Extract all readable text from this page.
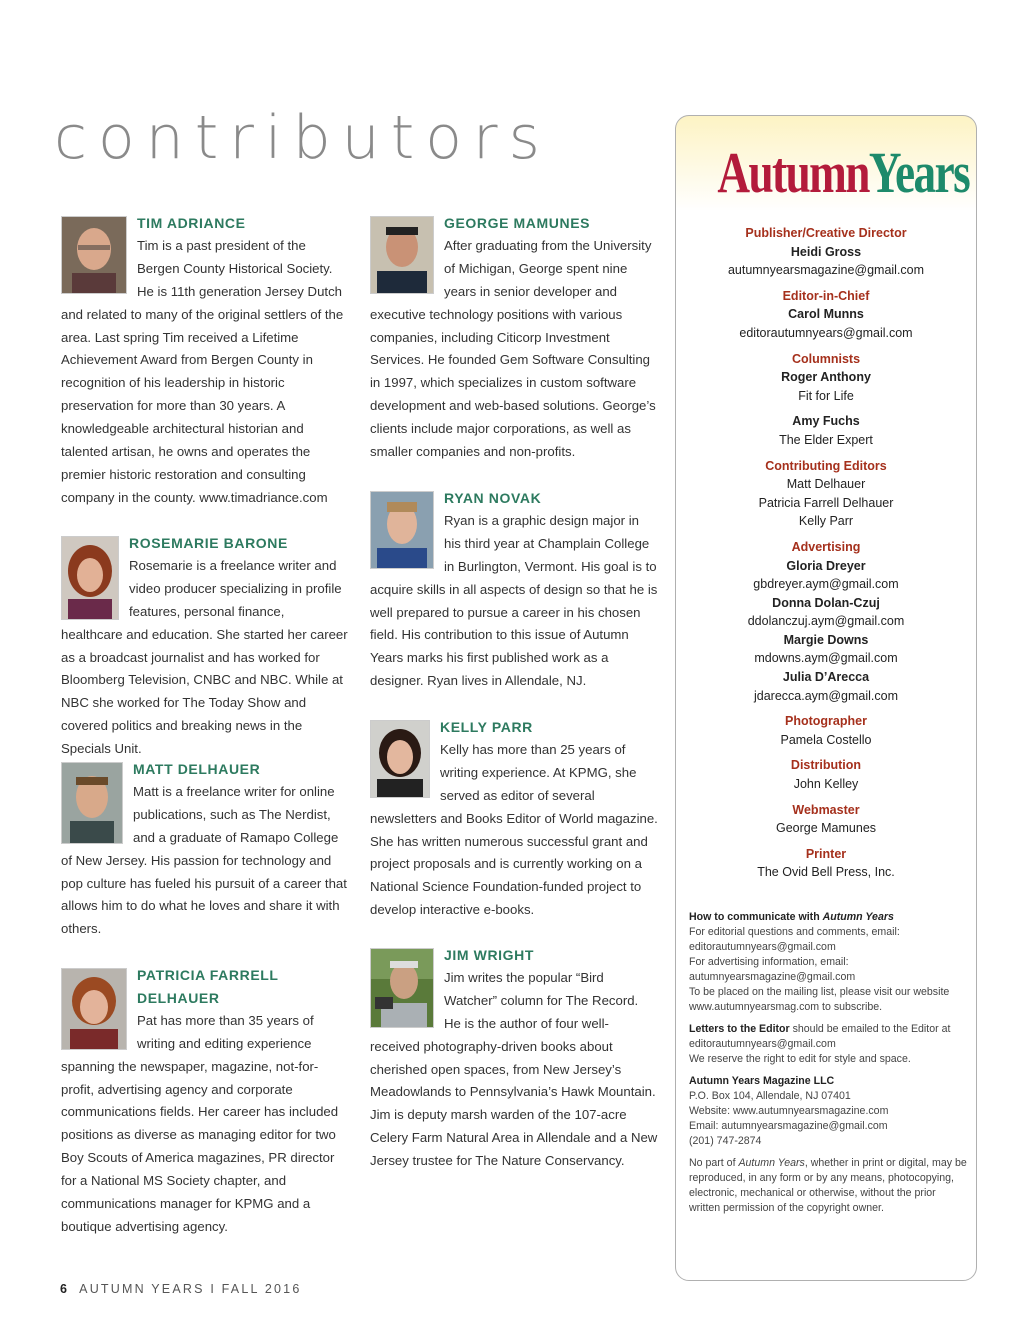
contributors
TIM ADRIANCE

Tim is a past president of the Bergen County Historical Society. He is 11th generation Jersey Dutch and related to many of the original settlers of the area. Last spring Tim received a Lifetime Achievement Award from Bergen County in recognition of his leadership in historic preservation for more than 30 years. A knowledgeable architectural historian and talented artisan, he owns and operates the premier historic restoration and consulting company in the county. www.timadriance.com

ROSEMARIE BARONE

Rosemarie is a freelance writer and video producer specializing in profile features, personal finance, healthcare and education. She started her career as a broadcast journalist and has worked for Bloomberg Television, CNBC and NBC. While at NBC she worked for The Today Show and covered politics and breaking news in the Specials Unit.

MATT DELHAUER

Matt is a freelance writer for online publications, such as The Nerdist, and a graduate of Ramapo College of New Jersey. His passion for technology and pop culture has fueled his pursuit of a career that allows him to do what he loves and share it with others.

PATRICIA FARRELL DELHAUER

Pat has more than 35 years of writing and editing experience spanning the newspaper, magazine, not-for-profit, advertising agency and corporate communications fields. Her career has included positions as diverse as managing editor for two Boy Scouts of America magazines, PR director for a National MS Society chapter, and communications manager for KPMG and a boutique advertising agency.

GEORGE MAMUNES

After graduating from the University of Michigan, George spent nine years in senior developer and executive technology positions with various companies, including Citicorp Investment Services. He founded Gem Software Consulting in 1997, which specializes in custom software development and web-based solutions. George’s clients include major corporations, as well as smaller companies and non-profits.

RYAN NOVAK

Ryan is a graphic design major in his third year at Champlain College in Burlington, Vermont. His goal is to acquire skills in all aspects of design so that he is well prepared to pursue a career in his chosen field. His contribution to this issue of Autumn Years marks his first published work as a designer. Ryan lives in Allendale, NJ.

KELLY PARR

Kelly has more than 25 years of writing experience. At KPMG, she served as editor of several newsletters and Books Editor of World magazine. She has written numerous successful grant and project proposals and is currently working on a National Science Foundation-funded project to develop interactive e-books.

JIM WRIGHT

Jim writes the popular “Bird Watcher” column for The Record. He is the author of four well-received photography-driven books about cherished open spaces, from New Jersey’s Meadowlands to Pennsylvania’s Hawk Mountain. Jim is deputy marsh warden of the 107-acre Celery Farm Natural Area in Allendale and a New Jersey trustee for The Nature Conservancy.

AutumnYears
Publisher/Creative Director
Heidi Gross
autumnyearsmagazine@gmail.com
Editor-in-Chief
Carol Munns
editorautumnyears@gmail.com
Columnists
Roger Anthony
Fit for Life
Amy Fuchs
The Elder Expert
Contributing Editors
Matt Delhauer
Patricia Farrell Delhauer
Kelly Parr
Advertising
Gloria Dreyer
gbdreyer.aym@gmail.com
Donna Dolan-Czuj
ddolanczuj.aym@gmail.com
Margie Downs
mdowns.aym@gmail.com
Julia D’Arecca
jdarecca.aym@gmail.com
Photographer
Pamela Costello
Distribution
John Kelley
Webmaster
George Mamunes
Printer
The Ovid Bell Press, Inc.

How to communicate with Autumn Years
For editorial questions and comments, email:
editorautumnyears@gmail.com
For advertising information, email:
autumnyearsmagazine@gmail.com
To be placed on the mailing list, please visit our website www.autumnyearsmag.com to subscribe.

Letters to the Editor should be emailed to the Editor at editorautumnyears@gmail.com
We reserve the right to edit for style and space.

Autumn Years Magazine LLC
P.O. Box 104, Allendale, NJ 07401
Website: www.autumnyearsmagazine.com
Email: autumnyearsmagazine@gmail.com
(201) 747-2874

No part of Autumn Years, whether in print or digital, may be reproduced, in any form or by any means, photocopying, electronic, mechanical or otherwise, without the prior written permission of the copyright owner.

6 AUTUMN YEARS I FALL 2016
